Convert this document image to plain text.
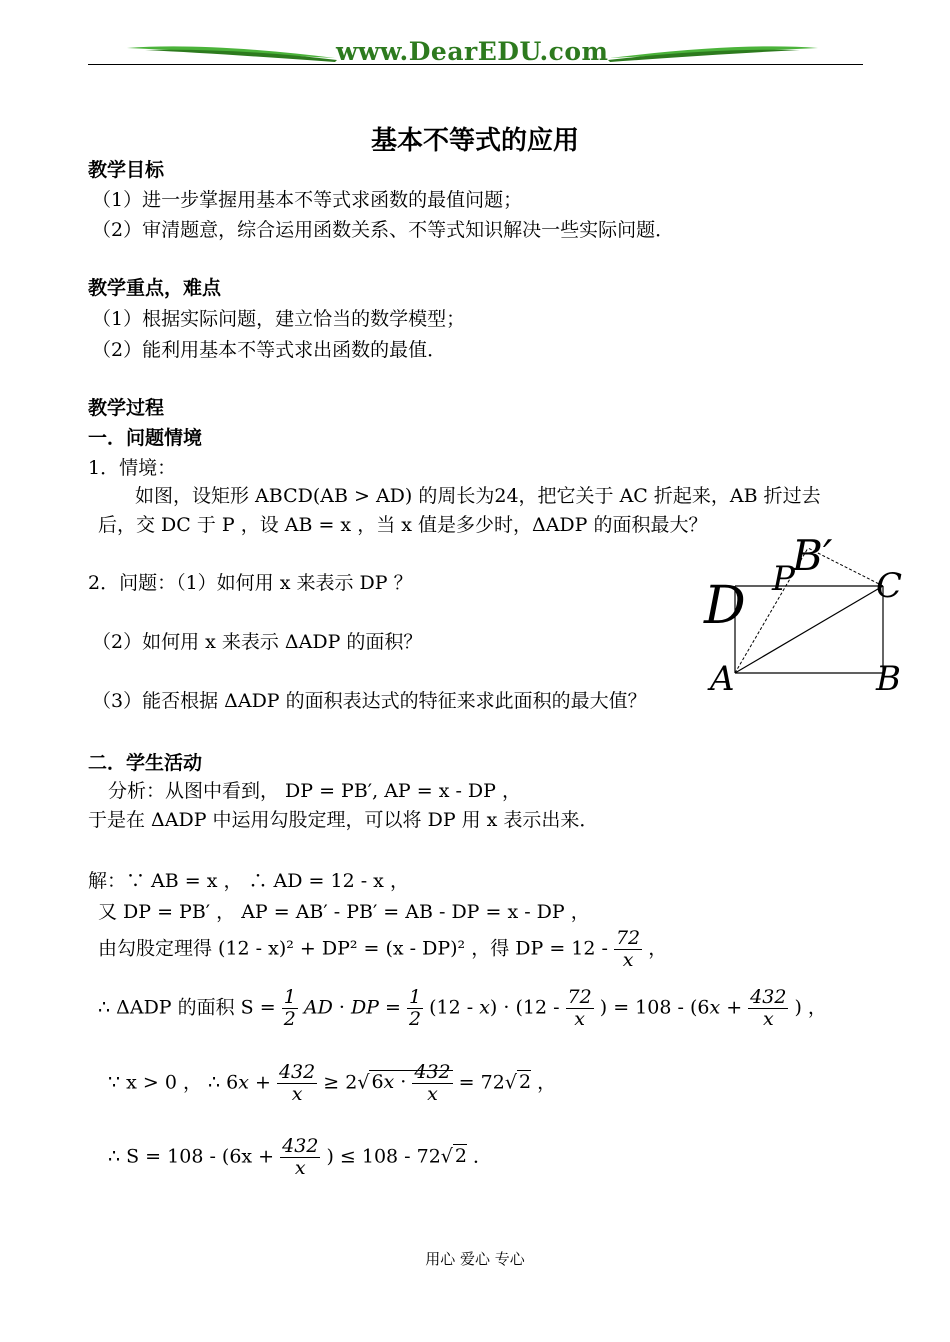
www.DearEDU.com
基本不等式的应用
教学目标
（1）进一步掌握用基本不等式求函数的最值问题；
（2）审清题意，综合运用函数关系、不等式知识解决一些实际问题．
教学重点，难点
（1）根据实际问题，建立恰当的数学模型；
（2）能利用基本不等式求出函数的最值．
教学过程
一．问题情境
1．情境：
如图，设矩形 ABCD(AB > AD) 的周长为24，把它关于 AC 折起来，AB 折过去
后，交 DC 于 P ，设 AB = x ，当 x 值是多少时，ΔADP 的面积最大？
2．问题：（1）如何用 x 来表示 DP ？
（2）如何用 x 来表示 ΔADP 的面积？
（3）能否根据 ΔADP 的面积表达式的特征来求此面积的最大值？
B′
P C
D
A	B
二．学生活动
分析：从图中看到， DP = PB′, AP = x - DP ，
于是在 ΔADP 中运用勾股定理，可以将 DP 用 x 表示出来．
解：∵ AB = x ， ∴ AD = 12 - x ，
又 DP = PB′ ， AP = AB′ - PB′ = AB - DP = x - DP ，
由勾股定理得 (12 - x)² + DP² = (x - DP)² ，得 DP = $12 - \frac{72}{x}$ ，
∴ ΔADP 的面积 $S = \frac{1}{2}$ AD · DP = $\frac{1}{2} (12 - x) \cdot (12 - \frac{72}{x}$ ) = $108 - (6x + \frac{432}{x}$ ) ，
∵ x > 0 ， ∴ $6x + \frac{432}{x} \ge 2√$ $6x \cdot \frac{432}{x} = 72√$ 2 ，
∴ $S = 108 - (6x + \frac{432}{x}$ ) ≤ 108 - 72√ 2 ．
用心 爱心 专心
